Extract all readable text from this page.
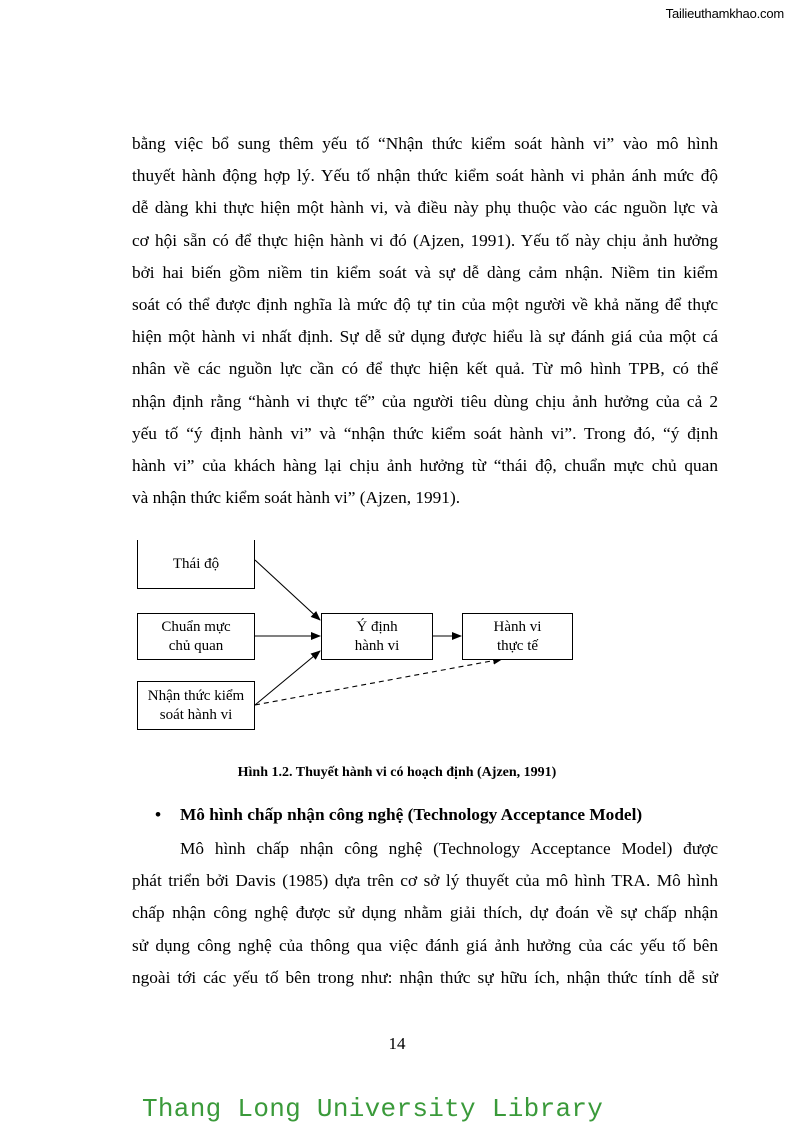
Tailieuthamkhao.com
bằng việc bổ sung thêm yếu tố “Nhận thức kiểm soát hành vi” vào mô hình
thuyết hành động hợp lý. Yếu tố nhận thức kiểm soát hành vi phản ánh mức độ
dễ dàng khi thực hiện một hành vi, và điều này phụ thuộc vào các nguồn lực và
cơ hội sẵn có để thực hiện hành vi đó (Ajzen, 1991). Yếu tố này chịu ảnh hưởng
bởi hai biến gồm niềm tin kiểm soát và sự dễ dàng cảm nhận. Niềm tin kiểm
soát có thể được định nghĩa là mức độ tự tin của một người về khả năng để thực
hiện một hành vi nhất định. Sự dễ sử dụng được hiểu là sự đánh giá của một cá
nhân về các nguồn lực cần có để thực hiện kết quả. Từ mô hình TPB, có thể
nhận định rằng “hành vi thực tế” của người tiêu dùng chịu ảnh hưởng của cả 2
yếu tố “ý định hành vi” và “nhận thức kiểm soát hành vi”. Trong đó, “ý định
hành vi” của khách hàng lại chịu ảnh hưởng từ “thái độ, chuẩn mực chủ quan
và nhận thức kiểm soát hành vi” (Ajzen, 1991).
Thái độ
Chuẩn mực
chủ quan
Nhận thức kiểm
soát hành vi
Ý định
hành vi
Hành vi
thực tế
Hình 1.2. Thuyết hành vi có hoạch định (Ajzen, 1991)
• Mô hình chấp nhận công nghệ (Technology Acceptance Model)
Mô hình chấp nhận công nghệ (Technology Acceptance Model) được
phát triển bởi Davis (1985) dựa trên cơ sở lý thuyết của mô hình TRA. Mô hình
chấp nhận công nghệ được sử dụng nhằm giải thích, dự đoán về sự chấp nhận
sử dụng công nghệ của thông qua việc đánh giá ảnh hưởng của các yếu tố bên
ngoài tới các yếu tố bên trong như: nhận thức sự hữu ích, nhận thức tính dễ sử
14
Thang Long University Library
